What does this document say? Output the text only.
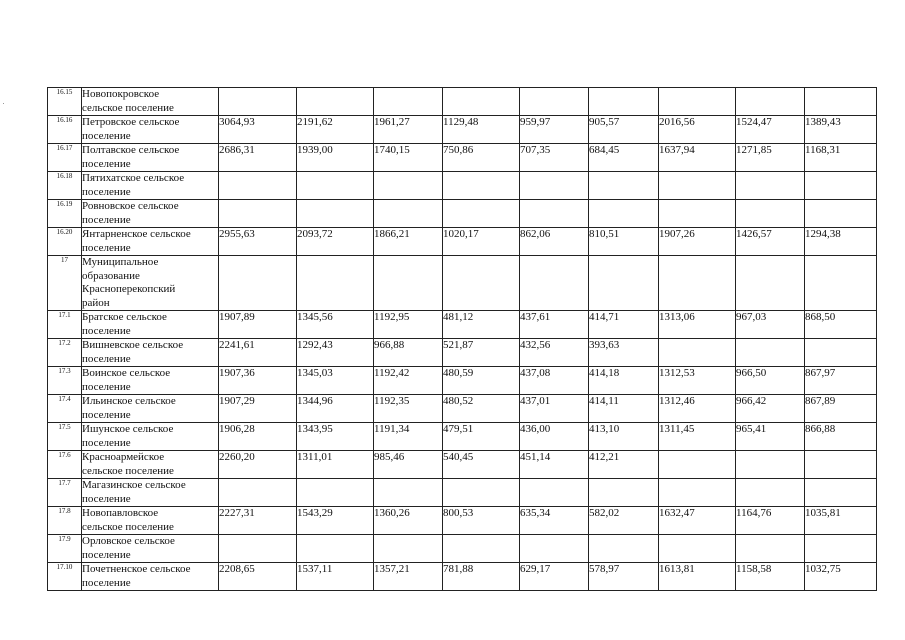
16.15	Новопокровское
сельское поселение									

16.16	Петровское сельское
поселение	3064,93	2191,62	1961,27	1129,48	959,97	905,57	2016,56	1524,47	1389,43
16.17	Полтавское сельское
поселение	2686,31	1939,00	1740,15	750,86	707,35	684,45	1637,94	1271,85	1168,31
16.18	Пятихатское сельское
поселение									

16.19	Ровновское сельское
поселение									

16.20	Янтарненское сельское
поселение	2955,63	2093,72	1866,21	1020,17	862,06	810,51	1907,26	1426,57	1294,38
17	Муниципальное
образование
Красноперекопский
район									

17.1	Братское сельское
поселение	1907,89	1345,56	1192,95	481,12	437,61	414,71	1313,06	967,03	868,50
17.2	Вишневское сельское
поселение	2241,61	1292,43	966,88	521,87	432,56	393,63			
17.3	Воинское сельское
поселение	1907,36	1345,03	1192,42	480,59	437,08	414,18	1312,53	966,50	867,97
17.4	Ильинское сельское
поселение	1907,29	1344,96	1192,35	480,52	437,01	414,11	1312,46	966,42	867,89
17.5	Ишунское сельское
поселение	1906,28	1343,95	1191,34	479,51	436,00	413,10	1311,45	965,41	866,88
17.6	Красноармейское
сельское поселение	2260,20	1311,01	985,46	540,45	451,14	412,21			
17.7	Магазинское сельское
поселение									

17.8	Новопавловское
сельское поселение	2227,31	1543,29	1360,26	800,53	635,34	582,02	1632,47	1164,76	1035,81
17.9	Орловское сельское
поселение									

17.10	Почетненское сельское
поселение	2208,65	1537,11	1357,21	781,88	629,17	578,97	1613,81	1158,58	1032,75
